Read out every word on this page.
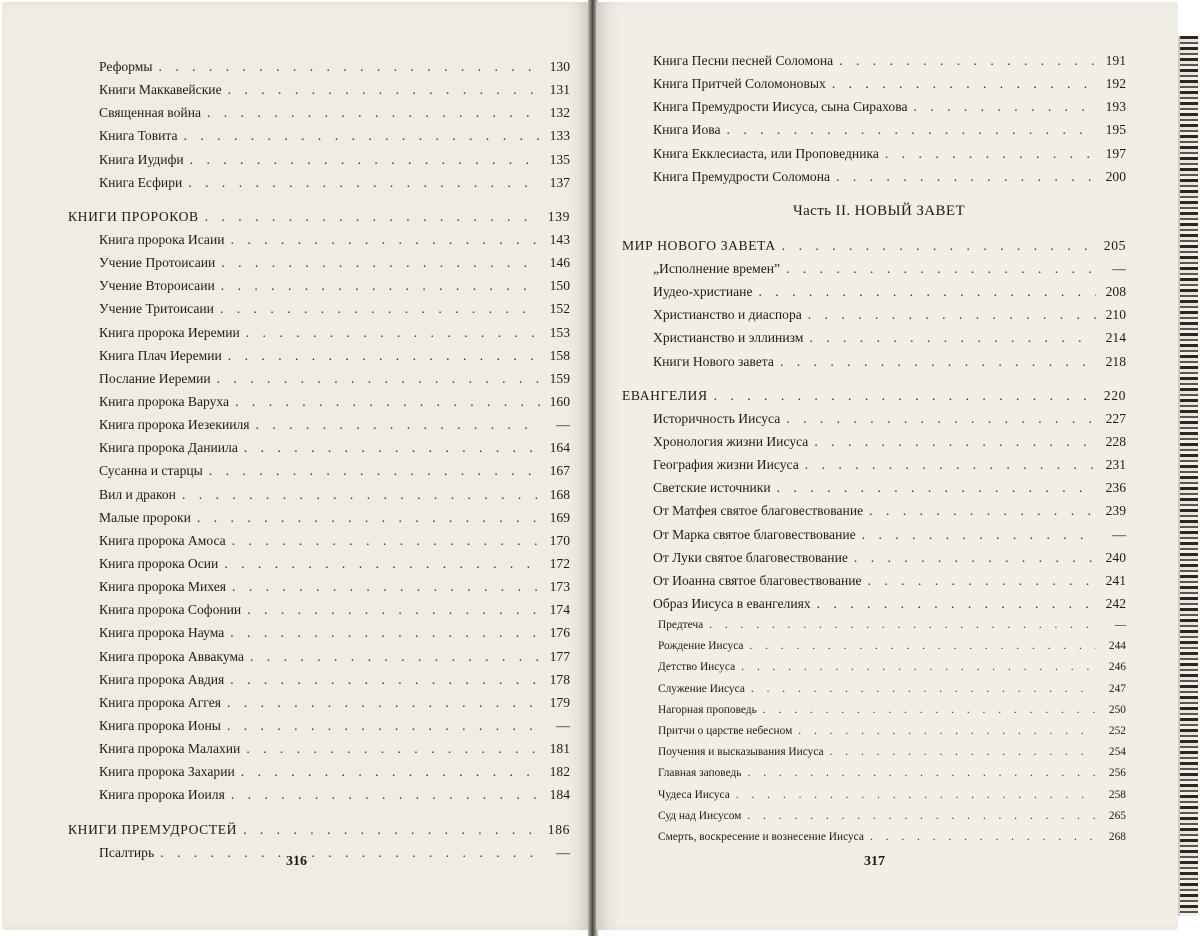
Реформы . . .	130
Книги Маккавейские . . .	131
Священная война . . .	132
Книга Товита . . .	133
Книга Иудифи . . .	135
Книга Есфири . . .	137
КНИГИ ПРОРОКОВ . . .	139
Книга пророка Исаии . . .	143
Учение Протоисаии . . .	146
Учение Второисаии . . .	150
Учение Тритоисаии . . .	152
Книга пророка Иеремии . . .	153
Книга Плач Иеремии . . .	158
Послание Иеремии . . .	159
Книга пророка Варуха . . .	160
Книга пророка Иезекииля . . .	—
Книга пророка Даниила . . .	164
Сусанна и старцы . . .	167
Вил и дракон . . .	168
Малые пророки . . .	169
Книга пророка Амоса . . .	170
Книга пророка Осии . . .	172
Книга пророка Михея . . .	173
Книга пророка Софонии . . .	174
Книга пророка Наума . . .	176
Книга пророка Аввакума . . .	177
Книга пророка Авдия . . .	178
Книга пророка Аггея . . .	179
Книга пророка Ионы . . .	—
Книга пророка Малахии . . .	181
Книга пророка Захарии . . .	182
Книга пророка Иоиля . . .	184
КНИГИ ПРЕМУДРОСТЕЙ . . .	186
Псалтирь . . .	—
316
Книга Песни песней Соломона . . .	191
Книга Притчей Соломоновых . . .	192
Книга Премудрости Иисуса, сына Сирахова . . .	193
Книга Иова . . .	195
Книга Екклесиаста, или Проповедника . . .	197
Книга Премудрости Соломона . . .	200
Часть II. НОВЫЙ ЗАВЕТ
МИР НОВОГО ЗАВЕТА . . .	205
„Исполнение времен” . . .	—
Иудео-христиане . . .	208
Христианство и диаспора . . .	210
Христианство и эллинизм . . .	214
Книги Нового завета . . .	218
ЕВАНГЕЛИЯ . . .	220
Историчность Иисуса . . .	227
Хронология жизни Иисуса . . .	228
География жизни Иисуса . . .	231
Светские источники . . .	236
От Матфея святое благовествование . . .	239
От Марка святое благовествование . . .	—
От Луки святое благовествование . . .	240
От Иоанна святое благовествование . . .	241
Образ Иисуса в евангелиях . . .	242
Предтеча . . .	—
Рождение Иисуса . . .	244
Детство Иисуса . . .	246
Служение Иисуса . . .	247
Нагорная проповедь . . .	250
Притчи о царстве небесном . . .	252
Поучения и высказывания Иисуса . . .	254
Главная заповедь . . .	256
Чудеса Иисуса . . .	258
Суд над Иисусом . . .	265
Смерть, воскресение и вознесение Иисуса . . .	268
317
